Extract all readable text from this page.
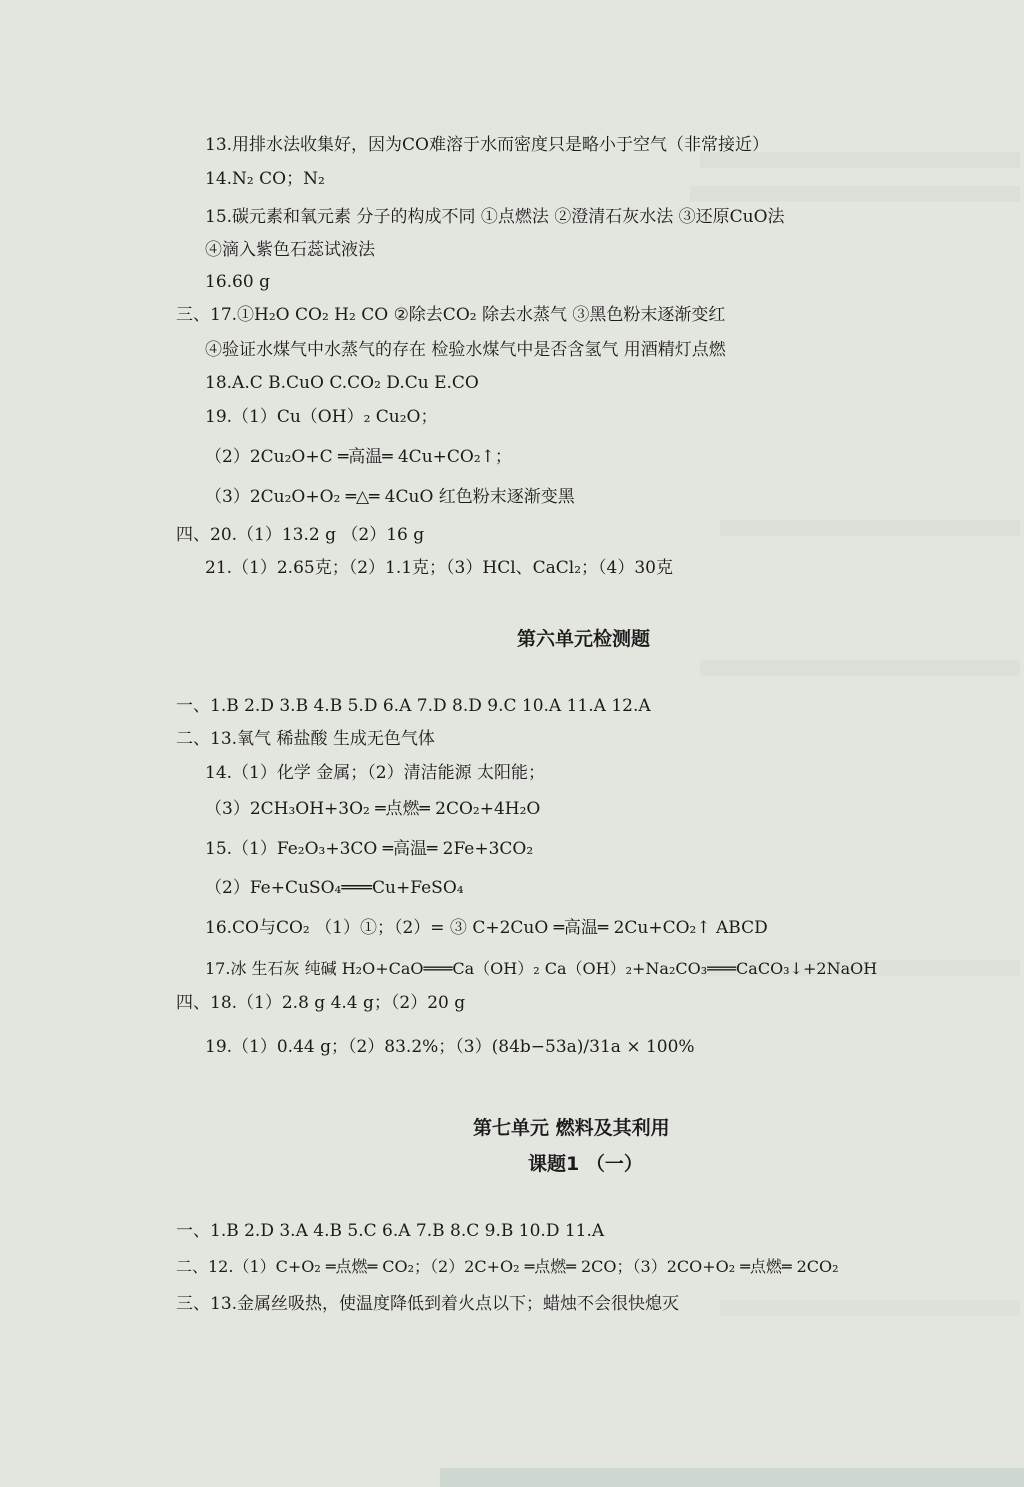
13.用排水法收集好，因为CO难溶于水而密度只是略小于空气（非常接近）
14.N₂ CO；N₂
15.碳元素和氧元素 分子的构成不同 ①点燃法 ②澄清石灰水法 ③还原CuO法
④滴入紫色石蕊试液法
16.60 g
三、17.①H₂O CO₂ H₂ CO ②除去CO₂ 除去水蒸气 ③黑色粉末逐渐变红
④验证水煤气中水蒸气的存在 检验水煤气中是否含氢气 用酒精灯点燃
18.A.C B.CuO C.CO₂ D.Cu E.CO
19.（1）Cu（OH）₂ Cu₂O；
（2）2Cu₂O+C ═高温═ 4Cu+CO₂↑；
（3）2Cu₂O+O₂ ═△═ 4CuO 红色粉末逐渐变黑
四、20.（1）13.2 g （2）16 g
21.（1）2.65克；（2）1.1克；（3）HCl、CaCl₂；（4）30克
第六单元检测题
一、1.B 2.D 3.B 4.B 5.D 6.A 7.D 8.D 9.C 10.A 11.A 12.A
二、13.氧气 稀盐酸 生成无色气体
14.（1）化学 金属；（2）清洁能源 太阳能；
（3）2CH₃OH+3O₂ ═点燃═ 2CO₂+4H₂O
15.（1）Fe₂O₃+3CO ═高温═ 2Fe+3CO₂
（2）Fe+CuSO₄═══Cu+FeSO₄
16.CO与CO₂ （1）①；（2）= ③ C+2CuO ═高温═ 2Cu+CO₂↑ ABCD
17.冰 生石灰 纯碱 H₂O+CaO═══Ca（OH）₂ Ca（OH）₂+Na₂CO₃═══CaCO₃↓+2NaOH
四、18.（1）2.8 g 4.4 g；（2）20 g
19.（1）0.44 g；（2）83.2%；（3）(84b−53a)/31a × 100%
第七单元 燃料及其利用
课题1 （一）
一、1.B 2.D 3.A 4.B 5.C 6.A 7.B 8.C 9.B 10.D 11.A
二、12.（1）C+O₂ ═点燃═ CO₂；（2）2C+O₂ ═点燃═ 2CO；（3）2CO+O₂ ═点燃═ 2CO₂
三、13.金属丝吸热，使温度降低到着火点以下；蜡烛不会很快熄灭
